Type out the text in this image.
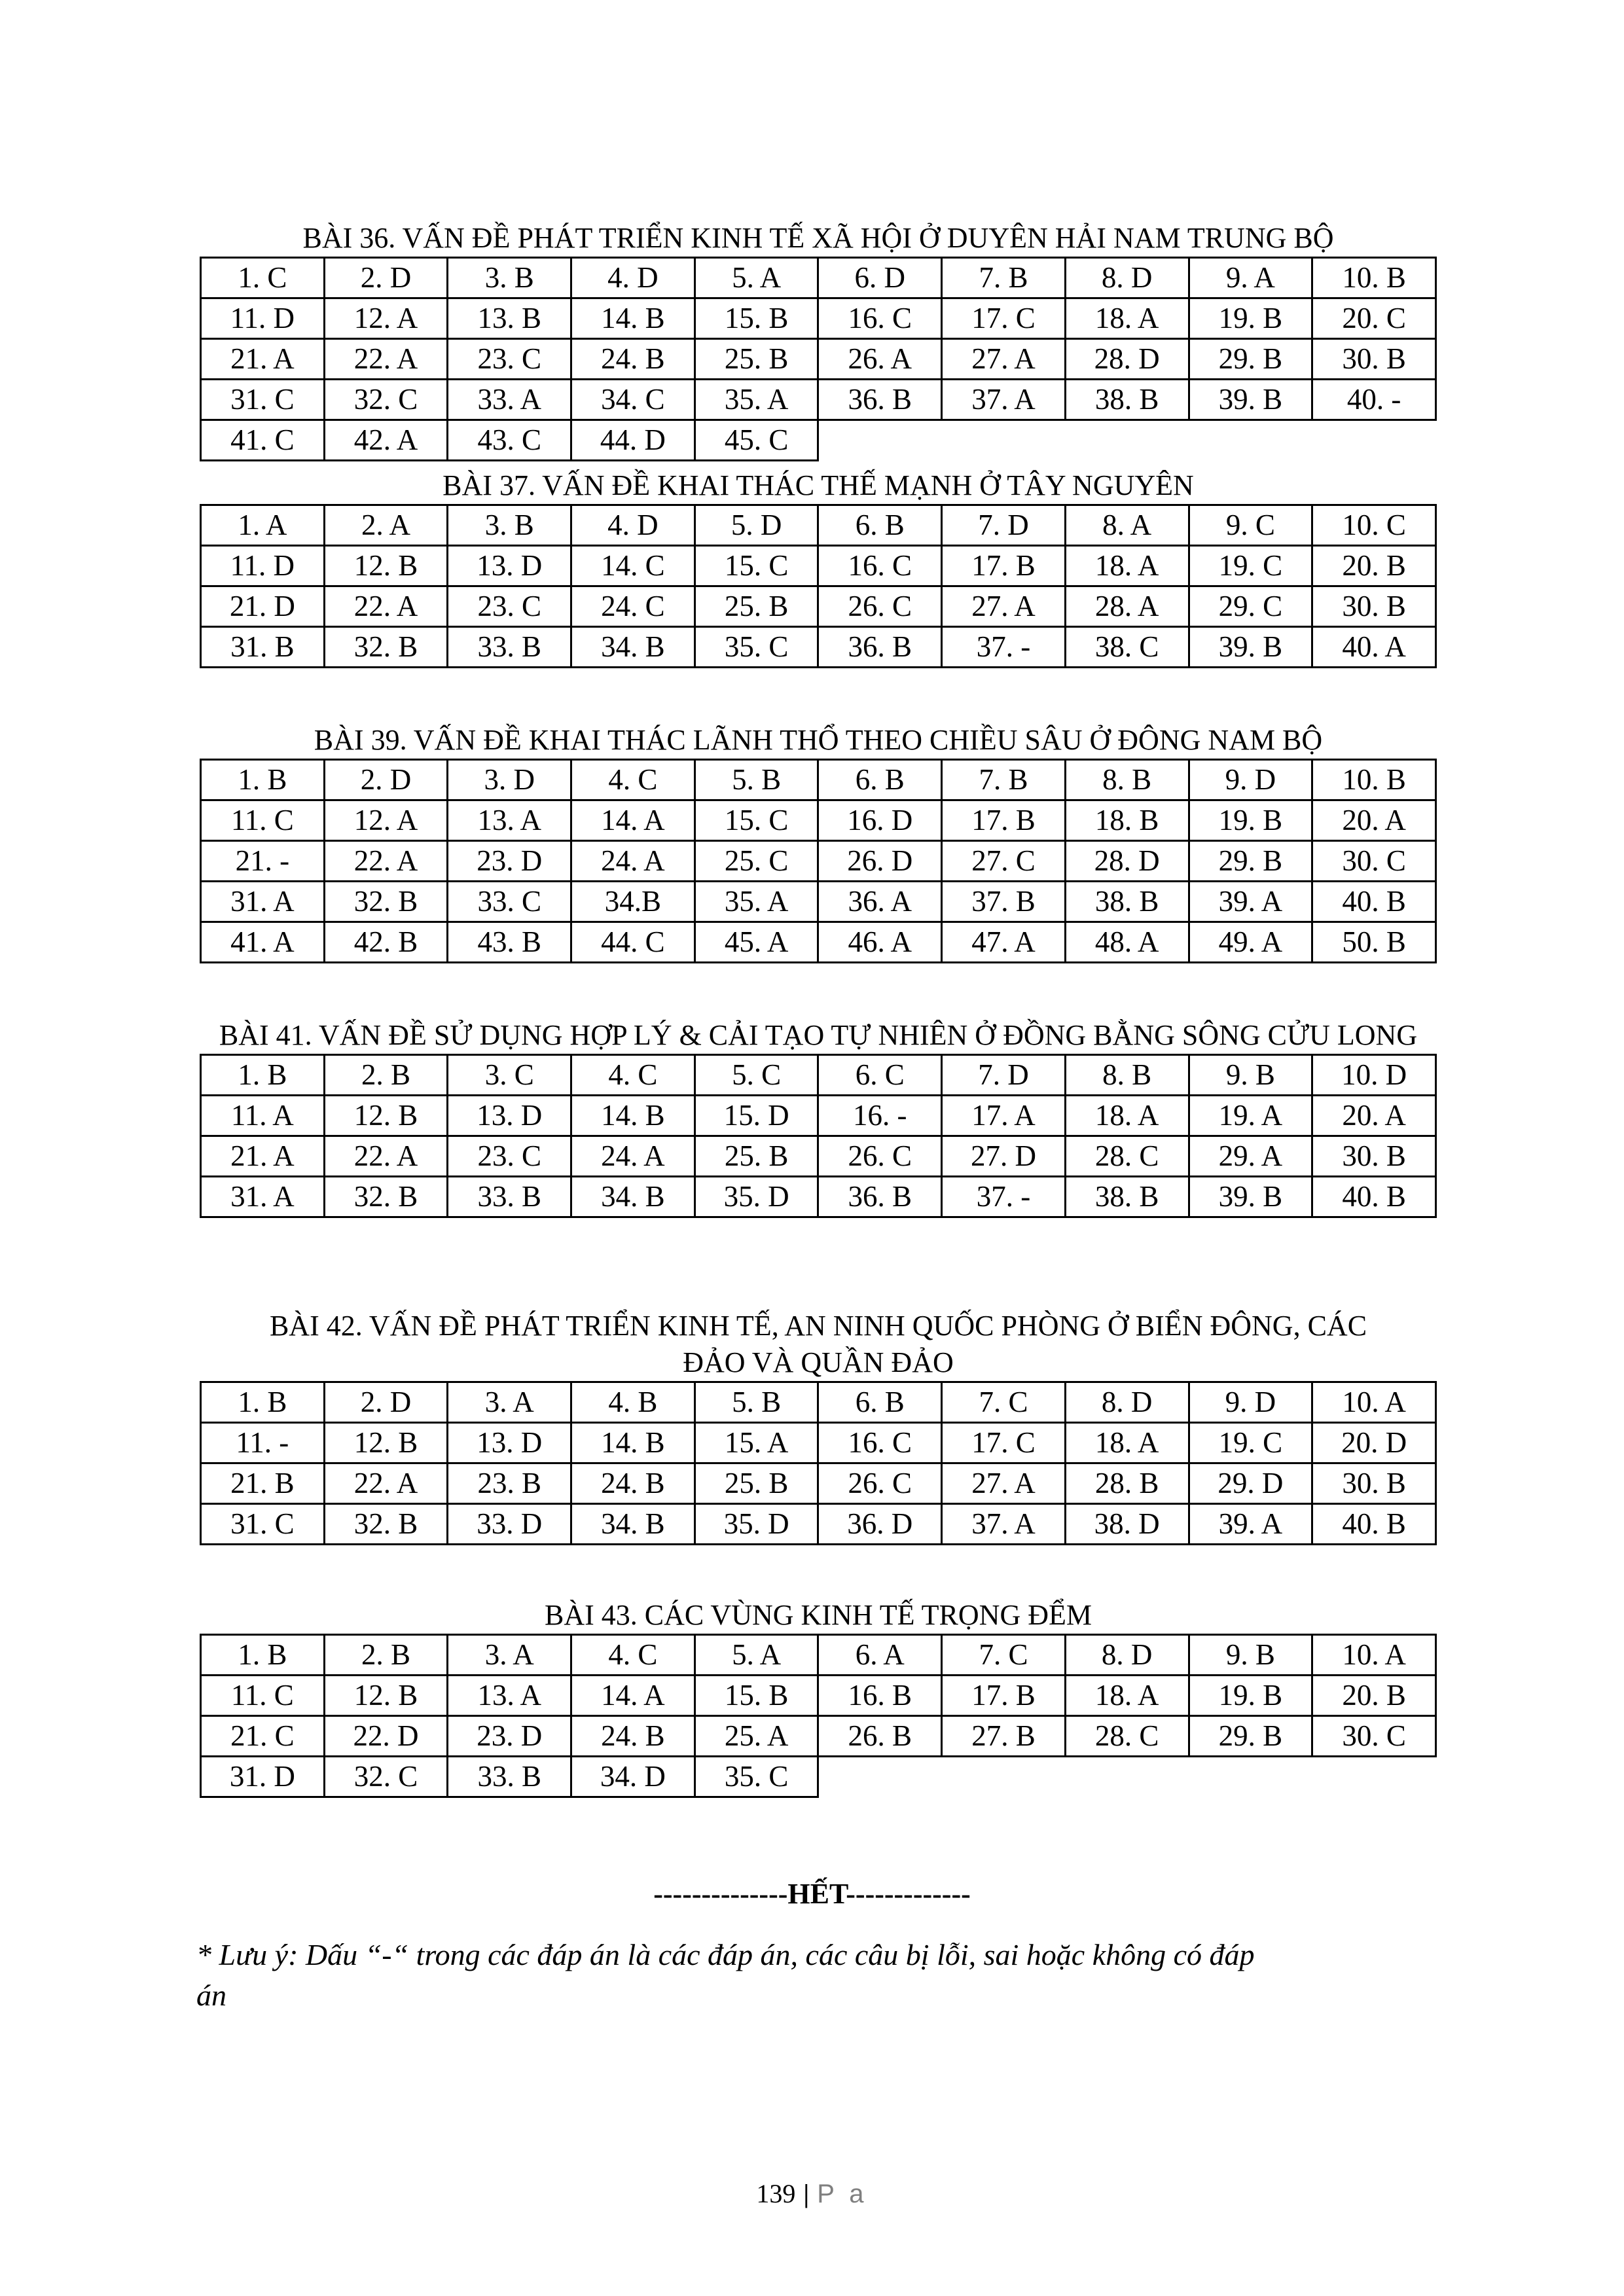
BÀI 36. VẤN ĐỀ PHÁT TRIỂN KINH TẾ XÃ HỘI Ở DUYÊN HẢI NAM TRUNG BỘ
1. C	2. D	3. B	4. D	5. A	6. D	7. B	8. D	9. A	10. B
11. D	12. A	13. B	14. B	15. B	16. C	17. C	18. A	19. B	20. C
21. A	22. A	23. C	24. B	25. B	26. A	27. A	28. D	29. B	30. B
31. C	32. C	33. A	34. C	35. A	36. B	37. A	38. B	39. B	40. -
41. C	42. A	43. C	44. D	45. C					
BÀI 37. VẤN ĐỀ KHAI THÁC THẾ MẠNH Ở TÂY NGUYÊN
1. A	2. A	3. B	4. D	5. D	6. B	7. D	8. A	9. C	10. C
11. D	12. B	13. D	14. C	15. C	16. C	17. B	18. A	19. C	20. B
21. D	22. A	23. C	24. C	25. B	26. C	27. A	28. A	29. C	30. B
31. B	32. B	33. B	34. B	35. C	36. B	37. -	38. C	39. B	40. A
BÀI 39. VẤN ĐỀ KHAI THÁC LÃNH THỔ THEO CHIỀU SÂU Ở ĐÔNG NAM BỘ
1. B	2. D	3. D	4. C	5. B	6. B	7. B	8. B	9. D	10. B
11. C	12. A	13. A	14. A	15. C	16. D	17. B	18. B	19. B	20. A
21. -	22. A	23. D	24. A	25. C	26. D	27. C	28. D	29. B	30. C
31. A	32. B	33. C	34.B	35. A	36. A	37. B	38. B	39. A	40. B
41. A	42. B	43. B	44. C	45. A	46. A	47. A	48. A	49. A	50. B
BÀI 41. VẤN ĐỀ SỬ DỤNG HỢP LÝ & CẢI TẠO TỰ NHIÊN Ở ĐỒNG BẰNG SÔNG CỬU LONG
1. B	2. B	3. C	4. C	5. C	6. C	7. D	8. B	9. B	10. D
11. A	12. B	13. D	14. B	15. D	16. -	17. A	18. A	19. A	20. A
21. A	22. A	23. C	24. A	25. B	26. C	27. D	28. C	29. A	30. B
31. A	32. B	33. B	34. B	35. D	36. B	37. -	38. B	39. B	40. B
BÀI 42. VẤN ĐỀ PHÁT TRIỂN KINH TẾ, AN NINH QUỐC PHÒNG Ở BIỂN ĐÔNG, CÁC ĐẢO VÀ QUẦN ĐẢO
1. B	2. D	3. A	4. B	5. B	6. B	7. C	8. D	9. D	10. A
11. -	12. B	13. D	14. B	15. A	16. C	17. C	18. A	19. C	20. D
21. B	22. A	23. B	24. B	25. B	26. C	27. A	28. B	29. D	30. B
31. C	32. B	33. D	34. B	35. D	36. D	37. A	38. D	39. A	40. B
BÀI 43. CÁC VÙNG KINH TẾ TRỌNG ĐỂM
1. B	2. B	3. A	4. C	5. A	6. A	7. C	8. D	9. B	10. A
11. C	12. B	13. A	14. A	15. B	16. B	17. B	18. A	19. B	20. B
21. C	22. D	23. D	24. B	25. A	26. B	27. B	28. C	29. B	30. C
31. D	32. C	33. B	34. D	35. C					
--------------HẾT-------------
* Lưu ý: Dấu “-“ trong các đáp án là các đáp án, các câu bị lỗi, sai hoặc không có đáp án
139 | P a
